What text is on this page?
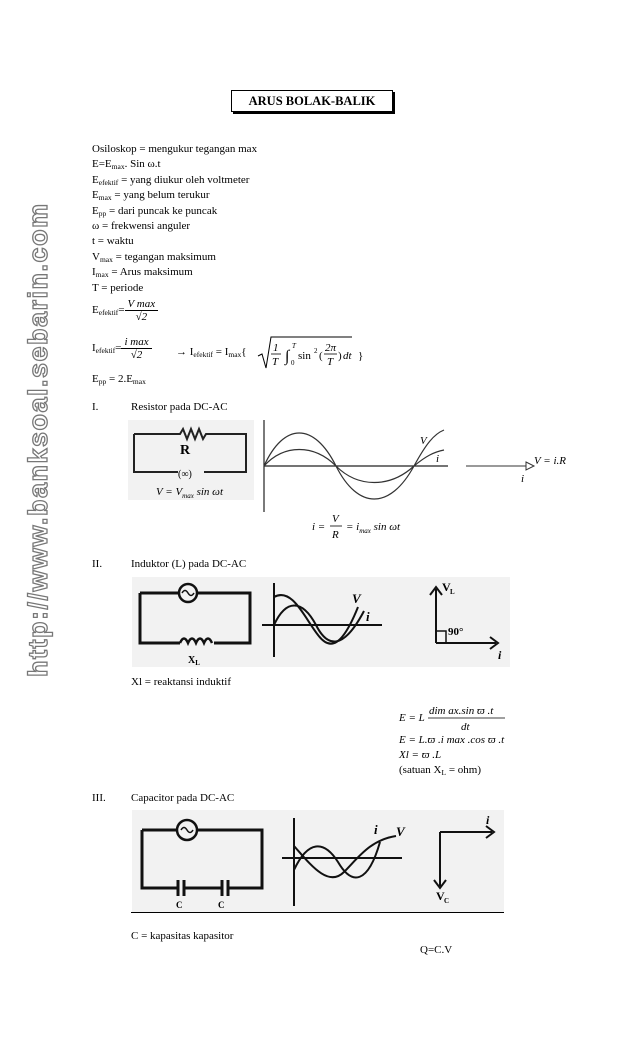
http://www.banksoal.sebarin.com
ARUS BOLAK-BALIK
Osiloskop = mengukur tegangan max
$E=E_{max}$. Sin ω.t
$E_{efektif}$ = yang diukur oleh voltmeter
$E_{max}$ = yang belum terukur
$E_{pp}$ = dari puncak ke puncak
ω = frekwensi anguler
t = waktu
$V_{max}$ = tegangan maksimum
$I_{max}$ = Arus maksimum
T = periode
$E_{efektif}= \frac{\text{V max}}{√2}$
$I_{efektif}= \frac{\text{i max}}{√2} \to I_{efektif} = I_{max}${ 1
T ∫
T
0
sin 2 (
2π
T ) dt }
$E_{pp} = 2.E_{max}$
I.	Resistor pada DC-AC
R
(∞)
$V = V_{max}$ sin ωt
V
i	V = i.R
i
i =
V
R
= $i_{max}$ sin ωt
II.	Induktor (L) pada DC-AC
$X_L$
V
i
V L
90°
i
Xl = reaktansi induktif
E = L
dim ax.sin ϖ .t
dt
E = L.ϖ .i max .cos ϖ .t
Xl = ϖ .L
(satuan $X_L = ohm$)
III. Capacitor pada DC-AC
C	C
i V
i
V C
C = kapasitas kapasitor
Q=C.V
